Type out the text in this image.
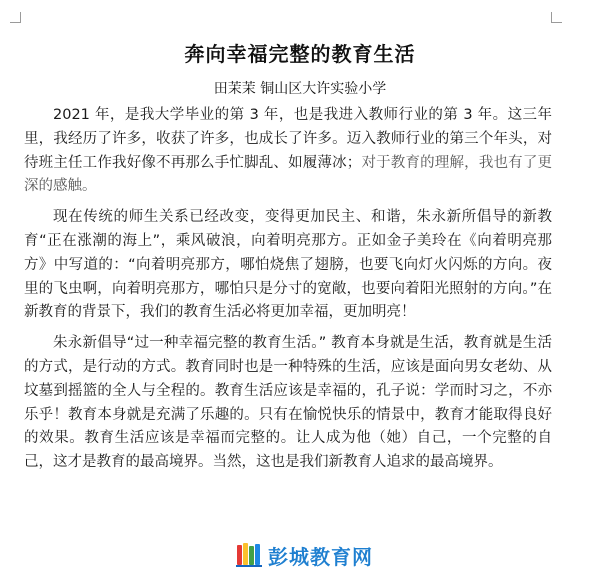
奔向幸福完整的教育生活
田茉茉 铜山区大许实验小学

2021 年，是我大学毕业的第 3 年，也是我进入教师行业的第 3 年。这三年里，我经历了许多，收获了许多，也成长了许多。迈入教师行业的第三个年头，对待班主任工作我好像不再那么手忙脚乱、如履薄冰；对于教育的理解，我也有了更深的感触。

现在传统的师生关系已经改变，变得更加民主、和谐，朱永新所倡导的新教育“正在涨潮的海上”，乘风破浪，向着明亮那方。正如金子美玲在《向着明亮那方》中写道的：“向着明亮那方，哪怕烧焦了翅膀，也要飞向灯火闪烁的方向。夜里的飞虫啊，向着明亮那方，哪怕只是分寸的宽敞，也要向着阳光照射的方向。”在新教育的背景下，我们的教育生活必将更加幸福，更加明亮！

朱永新倡导“过一种幸福完整的教育生活。” 教育本身就是生活，教育就是生活的方式，是行动的方式。教育同时也是一种特殊的生活，应该是面向男女老幼、从坟墓到摇篮的全人与全程的。教育生活应该是幸福的，孔子说：学而时习之，不亦乐乎！教育本身就是充满了乐趣的。只有在愉悦快乐的情景中，教育才能取得良好的效果。教育生活应该是幸福而完整的。让人成为他（她）自己，一个完整的自己，这才是教育的最高境界。当然，这也是我们新教育人追求的最高境界。

彭城教育网
